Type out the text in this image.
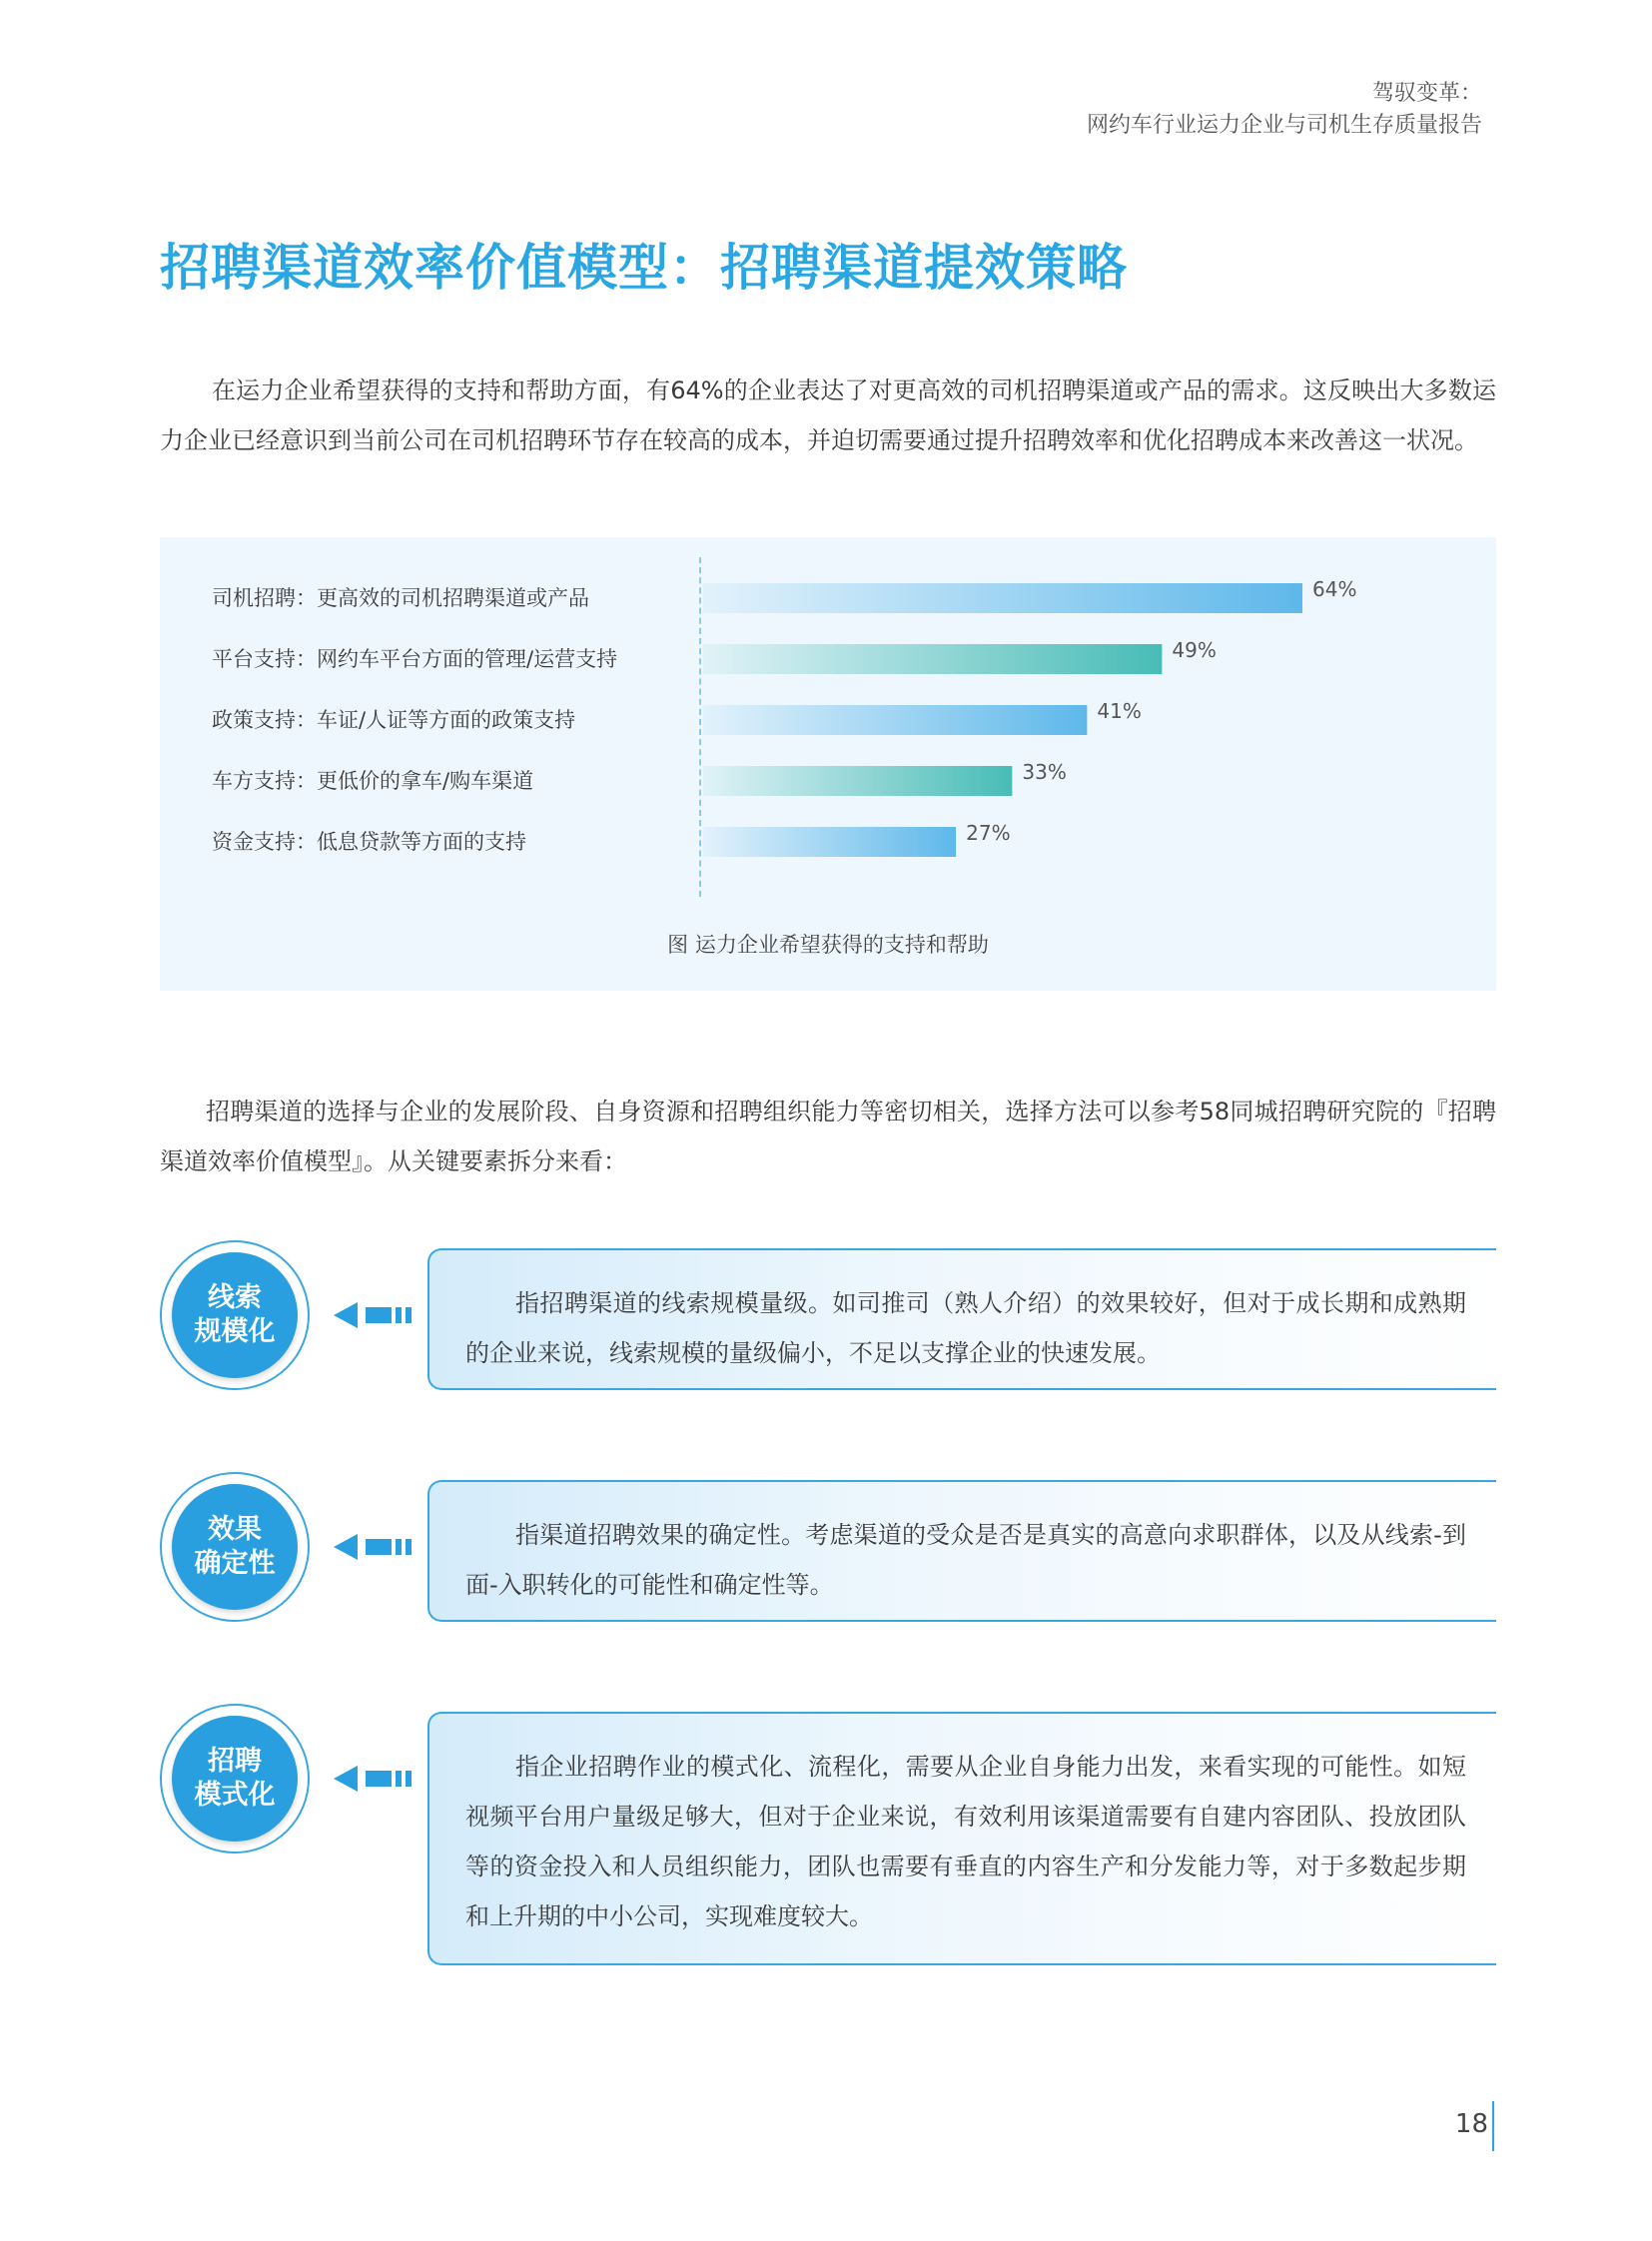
驾驭变革：
网约车行业运力企业与司机生存质量报告
招聘渠道效率价值模型：招聘渠道提效策略

在运力企业希望获得的支持和帮助方面，有64%的企业表达了对更高效的司机招聘渠道或产品的需求。这反映出大多数运力企业已经意识到当前公司在司机招聘环节存在较高的成本，并迫切需要通过提升招聘效率和优化招聘成本来改善这一状况。

司机招聘：更高效的司机招聘渠道或产品	64%
平台支持：网约车平台方面的管理/运营支持	49%
政策支持：车证/人证等方面的政策支持	41%
车方支持：更低价的拿车/购车渠道	33%
资金支持：低息贷款等方面的支持	27%
图 运力企业希望获得的支持和帮助

招聘渠道的选择与企业的发展阶段、自身资源和招聘组织能力等密切相关，选择方法可以参考58同城招聘研究院的『招聘渠道效率价值模型』。从关键要素拆分来看：

线索
规模化
指招聘渠道的线索规模量级。如司推司（熟人介绍）的效果较好，但对于成长期和成熟期的企业来说，线索规模的量级偏小，不足以支撑企业的快速发展。
效果
确定性
指渠道招聘效果的确定性。考虑渠道的受众是否是真实的高意向求职群体，以及从线索-到面-入职转化的可能性和确定性等。
招聘
模式化
指企业招聘作业的模式化、流程化，需要从企业自身能力出发，来看实现的可能性。如短视频平台用户量级足够大，但对于企业来说，有效利用该渠道需要有自建内容团队、投放团队等的资金投入和人员组织能力，团队也需要有垂直的内容生产和分发能力等，对于多数起步期和上升期的中小公司，实现难度较大。
18
